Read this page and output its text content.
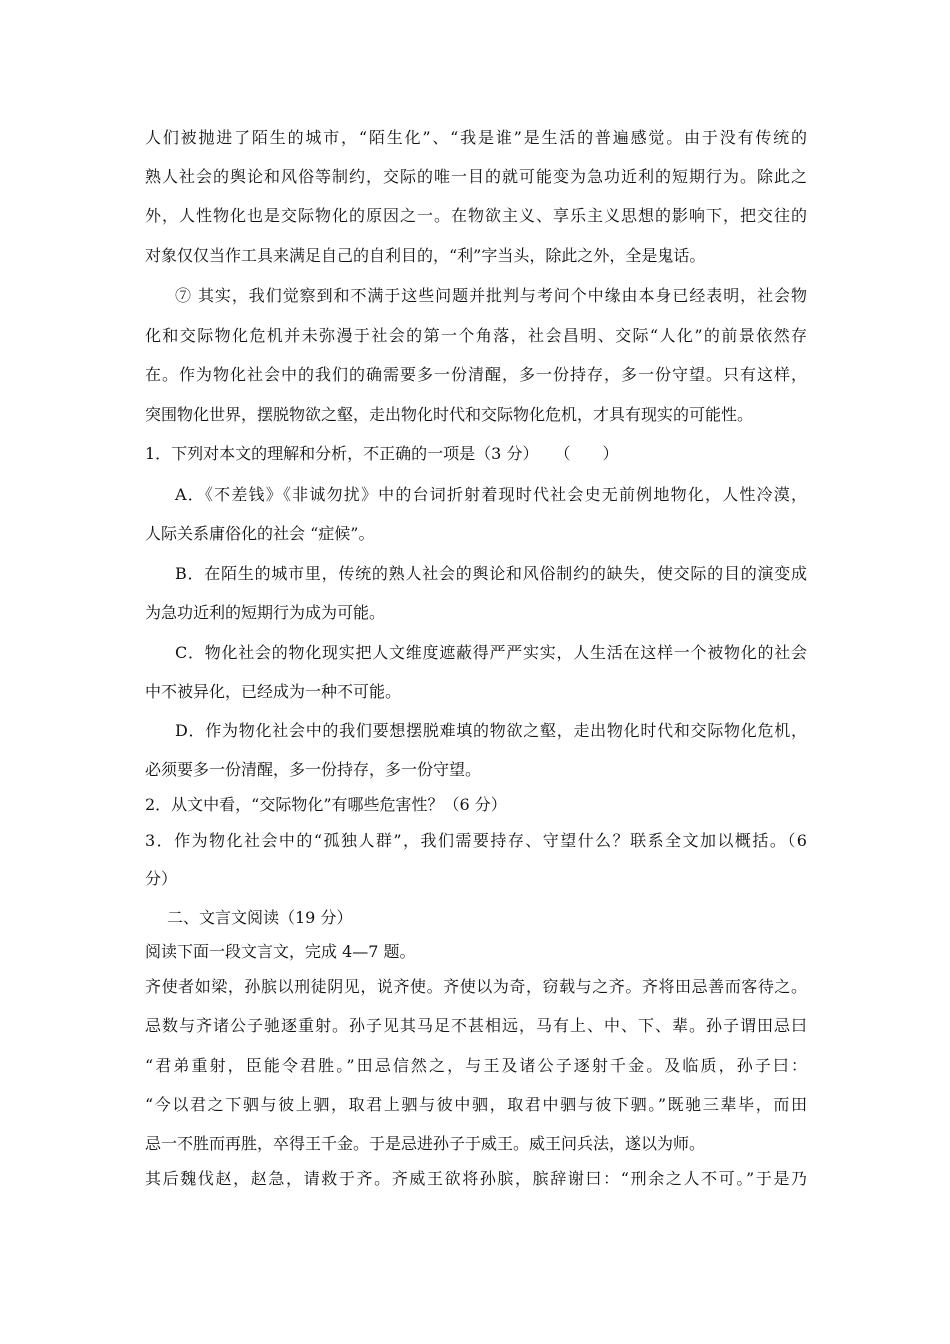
人们被抛进了陌生的城市，“陌生化”、“我是谁”是生活的普遍感觉。由于没有传统的
熟人社会的舆论和风俗等制约，交际的唯一目的就可能变为急功近利的短期行为。除此之
外，人性物化也是交际物化的原因之一。在物欲主义、享乐主义思想的影响下，把交往的
对象仅仅当作工具来满足自己的自利目的，“利”字当头，除此之外，全是鬼话。
⑦ 其实，我们觉察到和不满于这些问题并批判与考问个中缘由本身已经表明，社会物
化和交际物化危机并未弥漫于社会的第一个角落，社会昌明、交际“人化”的前景依然存
在。作为物化社会中的我们的确需要多一份清醒，多一份持存，多一份守望。只有这样，
突围物化世界，摆脱物欲之壑，走出物化时代和交际物化危机，才具有现实的可能性。
1．下列对本文的理解和分析，不正确的一项是（3 分）　　（　　）
A．《不差钱》《非诚勿扰》中的台词折射着现时代社会史无前例地物化，人性冷漠，
人际关系庸俗化的社会 “症候”。
B．在陌生的城市里，传统的熟人社会的舆论和风俗制约的缺失，使交际的目的演变成
为急功近利的短期行为成为可能。
C．物化社会的物化现实把人文维度遮蔽得严严实实，人生活在这样一个被物化的社会
中不被异化，已经成为一种不可能。
D．作为物化社会中的我们要想摆脱难填的物欲之壑，走出物化时代和交际物化危机，
必须要多一份清醒，多一份持存，多一份守望。
2．从文中看，“交际物化”有哪些危害性？（6 分）
3．作为物化社会中的“孤独人群”，我们需要持存、守望什么？联系全文加以概括。（6
分）
二、文言文阅读（19 分）
阅读下面一段文言文，完成 4—7 题。
齐使者如梁，孙膑以刑徒阴见，说齐使。齐使以为奇，窃载与之齐。齐将田忌善而客待之。
忌数与齐诸公子驰逐重射。孙子见其马足不甚相远，马有上、中、下、辈。孙子谓田忌曰
“君弟重射，臣能令君胜。”田忌信然之，与王及诸公子逐射千金。及临质，孙子曰：
“今以君之下驷与彼上驷，取君上驷与彼中驷，取君中驷与彼下驷。”既驰三辈毕，而田
忌一不胜而再胜，卒得王千金。于是忌进孙子于威王。威王问兵法，遂以为师。
其后魏伐赵，赵急，请救于齐。齐威王欲将孙膑，膑辞谢曰：“刑余之人不可。”于是乃
